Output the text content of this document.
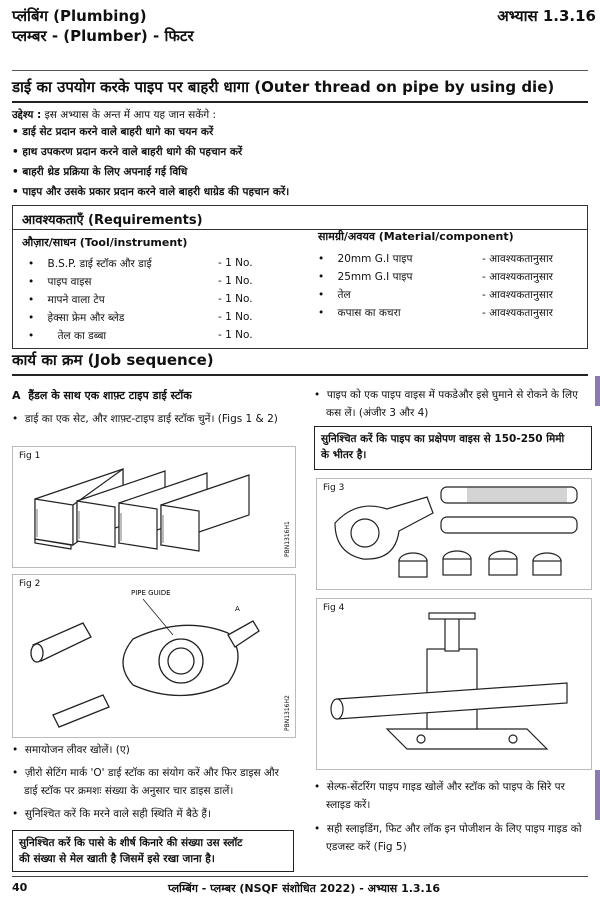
प्लंबिंग (Plumbing)
प्लम्बर - (Plumber) - फिटर
अभ्यास 1.3.16
डाई का उपयोग करके पाइप पर बाहरी धागा (Outer thread on pipe by using die)
उद्देश्य : इस अभ्यास के अन्त में आप यह जान सकेंगे :
• डाई सेट प्रदान करने वाले बाहरी धागे का चयन करें
• हाथ उपकरण प्रदान करने वाले बाहरी धागे की पहचान करें
• बाहरी थ्रेड प्रक्रिया के लिए अपनाई गई विधि
• पाइप और उसके प्रकार प्रदान करने वाले बाहरी धाग्रेड की पहचान करें।
आवश्यकताएँ (Requirements)
औज़ार/साधन (Tool/instrument)	सामग्री/अवयव (Material/component)
•    B.S.P. डाई स्टॉक और डाई	- 1 No.
•    पाइप वाइस	- 1 No.
•    मापने वाला टेप	- 1 No.
•    हेक्सा फ्रेम और ब्लेड	- 1 No.
•       तेल का डब्बा	- 1 No.
•    20mm G.I पाइप	- आवश्यकतानुसार
•    25mm G.I पाइप	- आवश्यकतानुसार
•    तेल	- आवश्यकतानुसार
•    कपास का कचरा	- आवश्यकतानुसार
कार्य का क्रम (Job sequence)
A हैंडल के साथ एक शाफ़्ट टाइप डाई स्टॉक
•  डाई का एक सेट, और शाफ़्ट-टाइप डाई स्टॉक चुनें। (Figs 1 & 2)
Fig 1
PBN1316H1
Fig 2
PIPE GUIDE
A
PBN1316H2
•  समायोजन लीवर खोलें। (ए)
•  ज़ीरो सेटिंग मार्क 'O' डाई स्टॉक का संयोग करें और फिर डाइस और
डाई स्टॉक पर क्रमशः संख्या के अनुसार चार डाइस डालें।
•  सुनिश्चित करें कि मरने वाले सही स्थिति में बैठे हैं।
सुनिश्चित करें कि पासे के शीर्ष किनारे की संख्या उस स्लॉट
की संख्या से मेल खाती है जिसमें इसे रखा जाना है।
•  पाइप को एक पाइप वाइस में पकडेऔर इसे घुमाने से रोकने के लिए
कस लें। (अंजीर 3 और 4)
सुनिश्चित करें कि पाइप का प्रक्षेपण वाइस से 150-250 मिमी
के भीतर है।
Fig 3
Fig 4
•  सेल्फ-सेंटरिंग पाइप गाइड खोलें और स्टॉक को पाइप के सिरे पर
स्लाइड करें।
•  सही स्लाइडिंग, फिट और लॉक इन पोजीशन के लिए पाइप गाइड को
एडजस्ट करें (Fig 5)
40	प्लम्बिंग - प्लम्बर (NSQF संशोधित 2022) - अभ्यास 1.3.16
